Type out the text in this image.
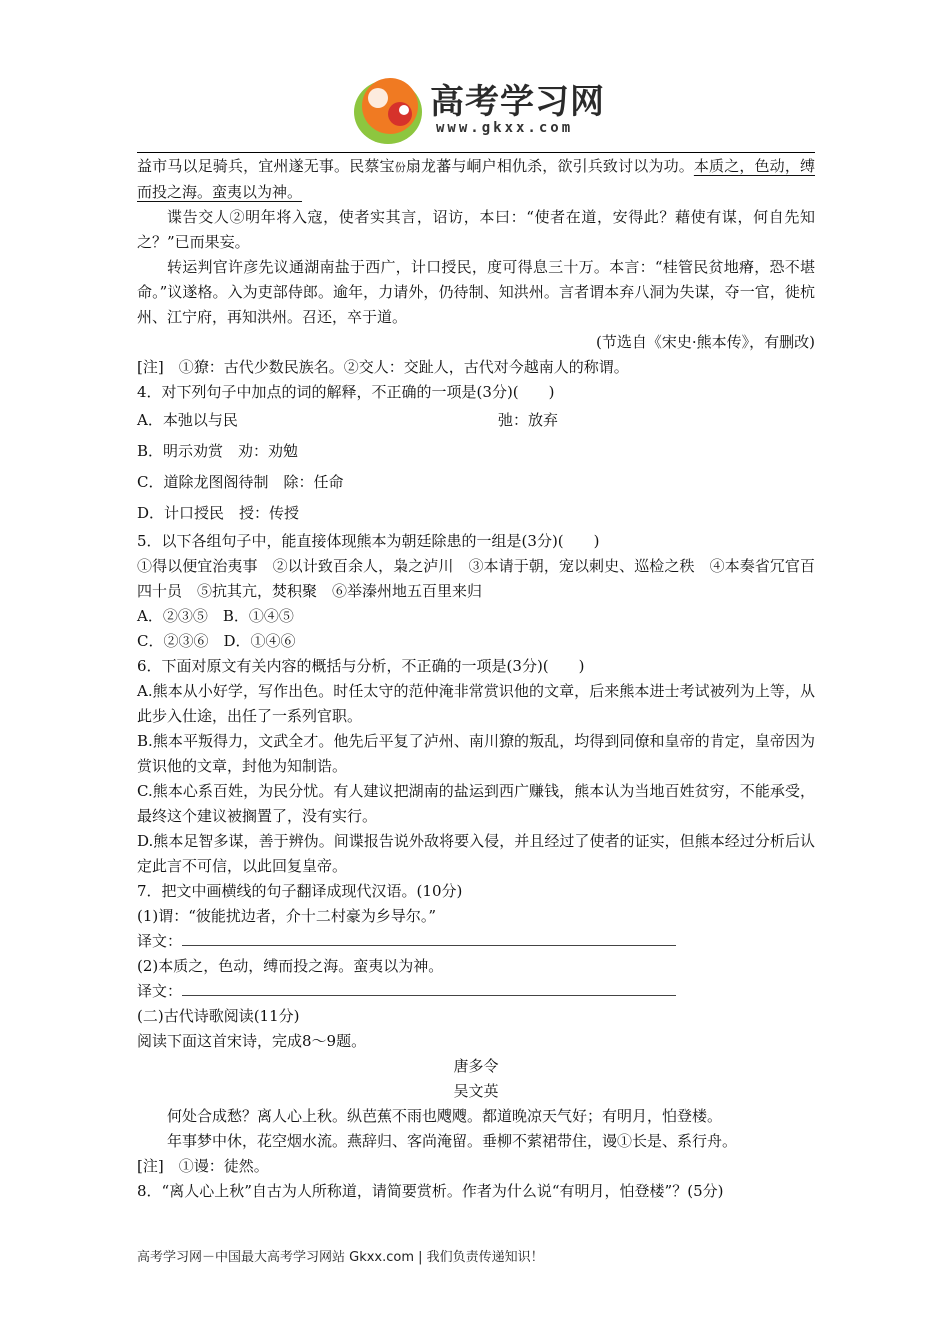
高考学习网
www.gkxx.com

益市马以足骑兵，宜州遂无事。民蔡宝份扇龙蕃与峒户相仇杀，欲引兵致讨以为功。本质之，色动，缚而投之海。蛮夷以为神。

谍告交人②明年将入寇，使者实其言，诏访，本曰：“使者在道，安得此？藉使有谋，何自先知之？”已而果妄。

转运判官许彦先议通湖南盐于西广，计口授民，度可得息三十万。本言：“桂管民贫地瘠，恐不堪命。”议遂格。入为吏部侍郎。逾年，力请外，仍待制、知洪州。言者谓本弃八洞为失谋，夺一官，徙杭州、江宁府，再知洪州。召还，卒于道。

(节选自《宋史·熊本传》，有删改)

[注]　①獠：古代少数民族名。②交人：交趾人，古代对今越南人的称谓。

4．对下列句子中加点的词的解释，不正确的一项是(3分)(　　)

A．本弛以与民	弛：放弃
B．明示劝赏　劝：劝勉
C．道除龙图阁待制　除：任命
D．计口授民　授：传授

5．以下各组句子中，能直接体现熊本为朝廷除患的一组是(3分)(　　)

①得以便宜治夷事　②以计致百余人，枭之泸川　③本请于朝，宠以刺史、巡检之秩　④本奏省冗官百四十员　⑤抗其亢，焚积聚　⑥举溱州地五百里来归

A．②③⑤　B．①④⑤

C．②③⑥　D．①④⑥

6．下面对原文有关内容的概括与分析，不正确的一项是(3分)(　　)

A.熊本从小好学，写作出色。时任太守的范仲淹非常赏识他的文章，后来熊本进士考试被列为上等，从此步入仕途，出任了一系列官职。

B.熊本平叛得力，文武全才。他先后平复了泸州、南川獠的叛乱，均得到同僚和皇帝的肯定，皇帝因为赏识他的文章，封他为知制诰。

C.熊本心系百姓，为民分忧。有人建议把湖南的盐运到西广赚钱，熊本认为当地百姓贫穷，不能承受，最终这个建议被搁置了，没有实行。

D.熊本足智多谋，善于辨伪。间谍报告说外敌将要入侵，并且经过了使者的证实，但熊本经过分析后认定此言不可信，以此回复皇帝。

7．把文中画横线的句子翻译成现代汉语。(10分)

(1)谓：“彼能扰边者，介十二村豪为乡导尔。”

译文：

(2)本质之，色动，缚而投之海。蛮夷以为神。

译文：

(二)古代诗歌阅读(11分)

阅读下面这首宋诗，完成8～9题。

唐多令

吴文英

何处合成愁？离人心上秋。纵芭蕉不雨也飕飕。都道晚凉天气好；有明月，怕登楼。

年事梦中休，花空烟水流。燕辞归、客尚淹留。垂柳不萦裙带住，谩①长是、系行舟。

[注]　①谩：徒然。

8．“离人心上秋”自古为人所称道，请简要赏析。作者为什么说“有明月，怕登楼”？(5分)

高考学习网－中国最大高考学习网站 Gkxx.com | 我们负责传递知识！
